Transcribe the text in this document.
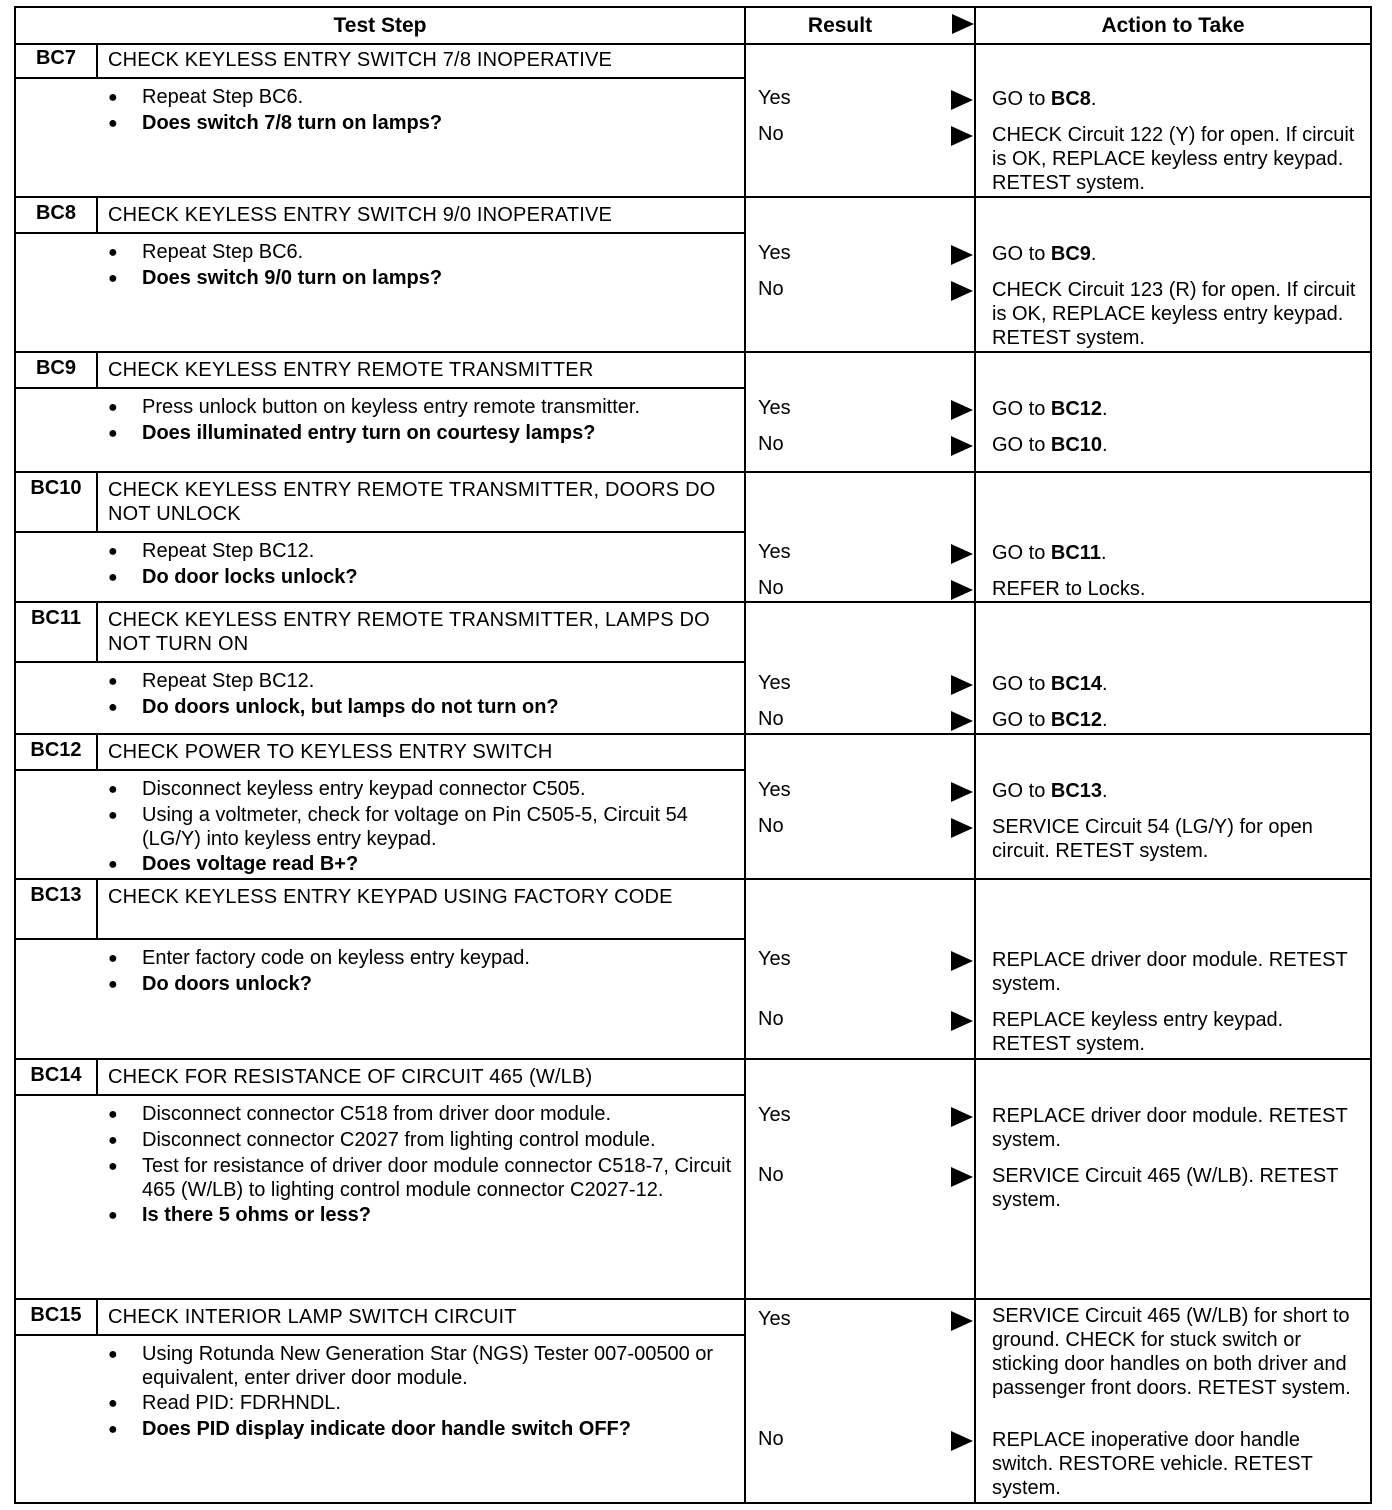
Test Step	Result	Action to Take
BC7	CHECK KEYLESS ENTRY SWITCH 7/8 INOPERATIVE
●	Repeat Step BC6.
●	Does switch 7/8 turn on lamps?
Yes	GO to BC8.
No	CHECK Circuit 122 (Y) for open. If circuit is OK, REPLACE keyless entry keypad. RETEST system.
BC8	CHECK KEYLESS ENTRY SWITCH 9/0 INOPERATIVE
●	Repeat Step BC6.
●	Does switch 9/0 turn on lamps?
Yes	GO to BC9.
No	CHECK Circuit 123 (R) for open. If circuit is OK, REPLACE keyless entry keypad. RETEST system.
BC9	CHECK KEYLESS ENTRY REMOTE TRANSMITTER
●	Press unlock button on keyless entry remote transmitter.
●	Does illuminated entry turn on courtesy lamps?
Yes	GO to BC12.
No	GO to BC10.
BC10	CHECK KEYLESS ENTRY REMOTE TRANSMITTER, DOORS DO NOT UNLOCK
●	Repeat Step BC12.
●	Do door locks unlock?
Yes	GO to BC11.
No	REFER to Locks.
BC11	CHECK KEYLESS ENTRY REMOTE TRANSMITTER, LAMPS DO NOT TURN ON
●	Repeat Step BC12.
●	Do doors unlock, but lamps do not turn on?
Yes	GO to BC14.
No	GO to BC12.
BC12	CHECK POWER TO KEYLESS ENTRY SWITCH
●	Disconnect keyless entry keypad connector C505.
●	Using a voltmeter, check for voltage on Pin C505-5, Circuit 54 (LG/Y) into keyless entry keypad.
●	Does voltage read B+?
Yes	GO to BC13.
No	SERVICE Circuit 54 (LG/Y) for open circuit. RETEST system.
BC13	CHECK KEYLESS ENTRY KEYPAD USING FACTORY CODE
●	Enter factory code on keyless entry keypad.
●	Do doors unlock?
Yes	REPLACE driver door module. RETEST system.
No	REPLACE keyless entry keypad. RETEST system.
BC14	CHECK FOR RESISTANCE OF CIRCUIT 465 (W/LB)
●	Disconnect connector C518 from driver door module.
●	Disconnect connector C2027 from lighting control module.
●	Test for resistance of driver door module connector C518-7, Circuit 465 (W/LB) to lighting control module connector C2027-12.
●	Is there 5 ohms or less?
Yes	REPLACE driver door module. RETEST system.
No	SERVICE Circuit 465 (W/LB). RETEST system.
BC15	CHECK INTERIOR LAMP SWITCH CIRCUIT
●	Using Rotunda New Generation Star (NGS) Tester 007-00500 or equivalent, enter driver door module.
●	Read PID: FDRHNDL.
●	Does PID display indicate door handle switch OFF?
Yes	SERVICE Circuit 465 (W/LB) for short to ground. CHECK for stuck switch or sticking door handles on both driver and passenger front doors. RETEST system.
No	REPLACE inoperative door handle switch. RESTORE vehicle. RETEST system.
